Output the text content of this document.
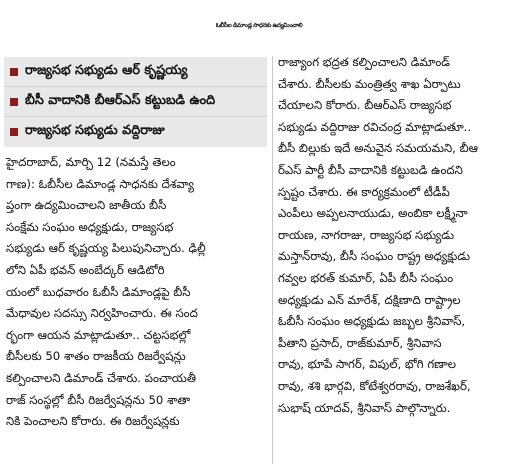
ఓబీసీల డిమాండ్ల సాధనకు ఉద్యమించాలి
రాజ్యసభ సభ్యుడు ఆర్‌ కృష్ణయ్య
బీసీ వాదానికి బీఆర్‌ఎస్‌ కట్టుబడి ఉంది
రాజ్యసభ సభ్యుడు వద్దిరాజు
హైదరాబాద్‌, మార్చి 12 (నమస్తే తెలం
గాణ): ఓబీసీల డిమాండ్ల సాధనకు దేశవ్యా
ప్తంగా ఉద్యమించాలని జాతీయ బీసీ
సంక్షేమ సంఘం అధ్యక్షుడు, రాజ్యసభ
సభ్యుడు ఆర్‌ కృష్ణయ్య పిలుపునిచ్చారు. ఢిల్లీ
లోని ఏపీ భవన్‌ అంబేద్కర్‌ ఆడిటోరి
యంలో బుధవారం ఓబీసీ డిమాండ్లపై బీసీ
మేధావుల సదస్సు నిర్వహించారు. ఈ సంద
ర్భంగా ఆయన మాట్లాడుతూ.. చట్టసభల్లో
బీసీలకు 50 శాతం రాజకీయ రిజర్వేషన్లు
కల్పించాలని డిమాండ్‌ చేశారు. పంచాయతీ
రాజ్‌ సంస్థల్లో బీసీ రిజర్వేషన్లను 50 శాతా
నికి పెంచాలని కోరారు. ఈ రిజర్వేషన్లకు
రాజ్యాంగ భద్రత కల్పించాలని డిమాండ్‌
చేశారు. బీసీలకు మంత్రిత్వ శాఖ ఏర్పాటు
చేయాలని కోరారు. బీఆర్‌ఎస్‌ రాజ్యసభ
సభ్యుడు వద్దిరాజు రవిచంద్ర మాట్లాడుతూ..
బీసీ బిల్లుకు ఇదే అనువైన సమయమని, బీఆ
ర్‌ఎస్‌ పార్టీ బీసీ వాదానికి కట్టుబడి ఉందని
స్పష్టం చేశారు. ఈ కార్యక్రమంలో టీడీపీ
ఎంపీలు అప్పలనాయుడు, అంబికా లక్ష్మీనా
రాయణ, నాగరాజు, రాజ్యసభ సభ్యుడు
మస్తాన్‌రావు, బీసీ సంఘం రాష్ట్ర అధ్యక్షుడు
గవ్వల భరత్‌ కుమార్‌, ఏపీ బీసీ సంఘం
అధ్యక్షుడు ఎన్‌ మారేశ్‌, దక్షిణాది రాష్ట్రాల
ఓబీసీ సంఘం అధ్యక్షుడు జబ్బల శ్రీనివాస్‌,
పీతాని ప్రసాద్‌, రాజ్‌కుమార్‌, శ్రీనివాస
రావు, భూపే సాగర్‌, విపుల్‌, భోగి గణాల
రావు, శశి భార్గవి, కోటేశ్వరరావు, రాజశేఖర్‌,
సుభాష్‌ యాదవ్‌, శ్రీనివాస్‌ పాల్గొన్నారు.
